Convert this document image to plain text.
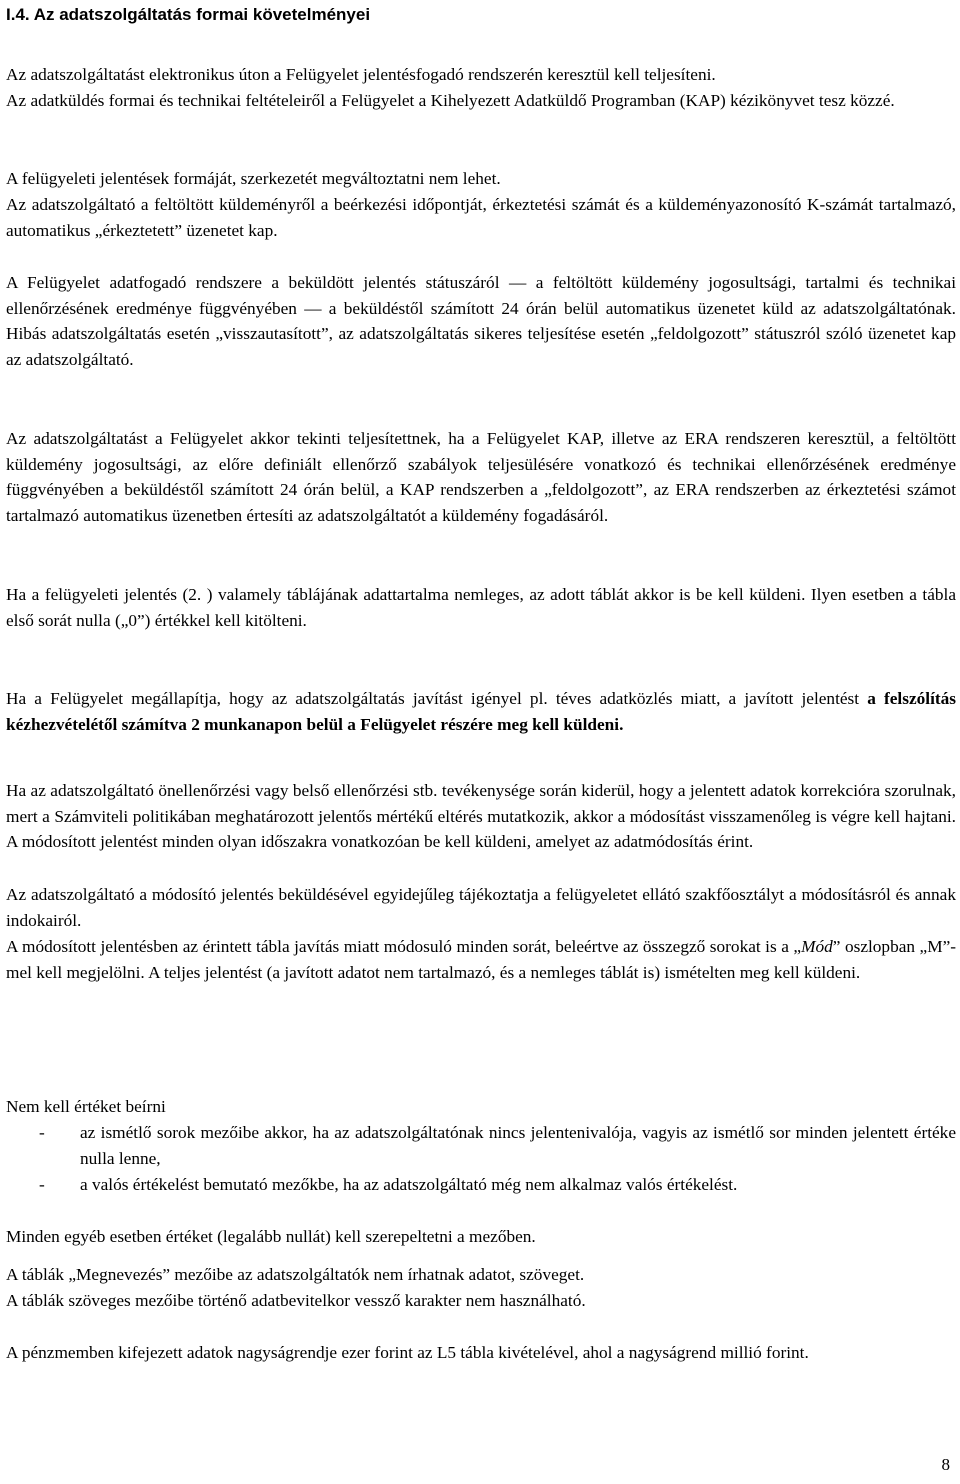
I.4. Az adatszolgáltatás formai követelményei
Az adatszolgáltatást elektronikus úton a Felügyelet jelentésfogadó rendszerén keresztül kell teljesíteni.
Az adatküldés formai és technikai feltételeiről a Felügyelet a Kihelyezett Adatküldő Programban (KAP) kézikönyvet tesz közzé.
A felügyeleti jelentések formáját, szerkezetét megváltoztatni nem lehet.
Az adatszolgáltató a feltöltött küldeményről a beérkezési időpontját, érkeztetési számát és a küldeményazonosító K-számát tartalmazó, automatikus „érkeztetett” üzenetet kap.
A Felügyelet adatfogadó rendszere a beküldött jelentés státuszáról — a feltöltött küldemény jogosultsági, tartalmi és technikai ellenőrzésének eredménye függvényében — a beküldéstől számított 24 órán belül automatikus üzenetet küld az adatszolgáltatónak. Hibás adatszolgáltatás esetén „visszautasított”, az adatszolgáltatás sikeres teljesítése esetén „feldolgozott” státuszról szóló üzenetet kap az adatszolgáltató.
Az adatszolgáltatást a Felügyelet akkor tekinti teljesítettnek, ha a Felügyelet KAP, illetve az ERA rendszeren keresztül, a feltöltött küldemény jogosultsági, az előre definiált ellenőrző szabályok teljesülésére vonatkozó és technikai ellenőrzésének eredménye függvényében a beküldéstől számított 24 órán belül, a KAP rendszerben a „feldolgozott”, az ERA rendszerben az érkeztetési számot tartalmazó automatikus üzenetben értesíti az adatszolgáltatót a küldemény fogadásáról.
Ha a felügyeleti jelentés (2. ) valamely táblájának adattartalma nemleges, az adott táblát akkor is be kell küldeni. Ilyen esetben a tábla első sorát nulla („0”) értékkel kell kitölteni.
Ha a Felügyelet megállapítja, hogy az adatszolgáltatás javítást igényel pl. téves adatközlés miatt, a javított jelentést a felszólítás kézhezvételétől számítva 2 munkanapon belül a Felügyelet részére meg kell küldeni.
Ha az adatszolgáltató önellenőrzési vagy belső ellenőrzési stb. tevékenysége során kiderül, hogy a jelentett adatok korrekcióra szorulnak, mert a Számviteli politikában meghatározott jelentős mértékű eltérés mutatkozik, akkor a módosítást visszamenőleg is végre kell hajtani. A módosított jelentést minden olyan időszakra vonatkozóan be kell küldeni, amelyet az adatmódosítás érint.
Az adatszolgáltató a módosító jelentés beküldésével egyidejűleg tájékoztatja a felügyeletet ellátó szakfőosztályt a módosításról és annak indokairól.
A módosított jelentésben az érintett tábla javítás miatt módosuló minden sorát, beleértve az összegző sorokat is a „Mód” oszlopban „M”-mel kell megjelölni. A teljes jelentést (a javított adatot nem tartalmazó, és a nemleges táblát is) ismételten meg kell küldeni.
Nem kell értéket beírni
- az ismétlő sorok mezőibe akkor, ha az adatszolgáltatónak nincs jelentenivalója, vagyis az ismétlő sor minden jelentett értéke nulla lenne,
- a valós értékelést bemutató mezőkbe, ha az adatszolgáltató még nem alkalmaz valós értékelést.
Minden egyéb esetben értéket (legalább nullát) kell szerepeltetni a mezőben.
A táblák „Megnevezés” mezőibe az adatszolgáltatók nem írhatnak adatot, szöveget.
A táblák szöveges mezőibe történő adatbevitelkor vessző karakter nem használható.
A pénzmemben kifejezett adatok nagyságrendje ezer forint az L5 tábla kivételével, ahol a nagyságrend millió forint.
8
